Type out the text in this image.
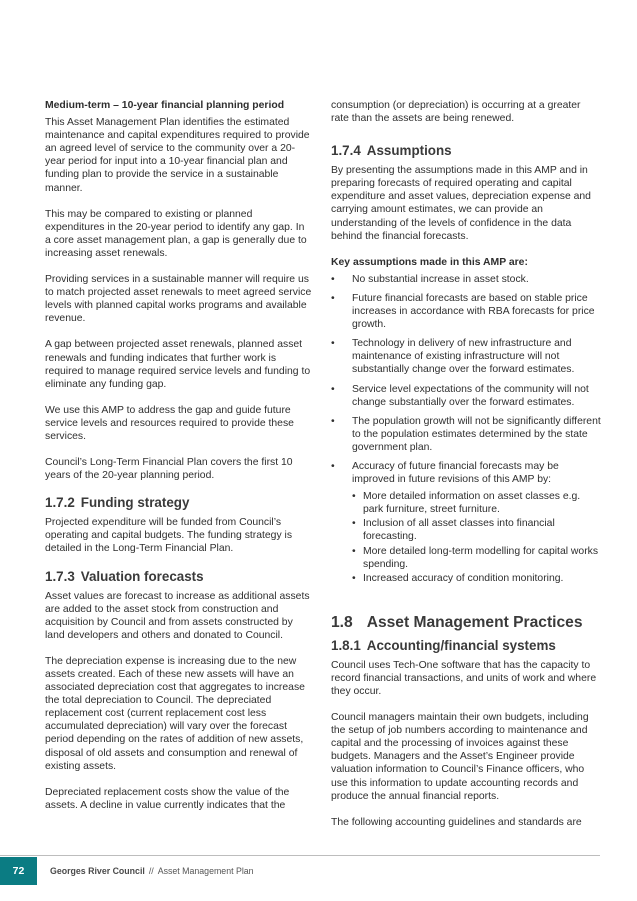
Medium-term – 10-year financial planning period

This Asset Management Plan identifies the estimated maintenance and capital expenditures required to provide an agreed level of service to the community over a 20-year period for input into a 10-year financial plan and funding plan to provide the service in a sustainable manner.

This may be compared to existing or planned expenditures in the 20-year period to identify any gap. In a core asset management plan, a gap is generally due to increasing asset renewals.

Providing services in a sustainable manner will require us to match projected asset renewals to meet agreed service levels with planned capital works programs and available revenue.

A gap between projected asset renewals, planned asset renewals and funding indicates that further work is required to manage required service levels and funding to eliminate any funding gap.

We use this AMP to address the gap and guide future service levels and resources required to provide these services.

Council’s Long-Term Financial Plan covers the first 10 years of the 20-year planning period.

1.7.2 Funding strategy

Projected expenditure will be funded from Council’s operating and capital budgets. The funding strategy is detailed in the Long-Term Financial Plan.

1.7.3 Valuation forecasts

Asset values are forecast to increase as additional assets are added to the asset stock from construction and acquisition by Council and from assets constructed by land developers and others and donated to Council.

The depreciation expense is increasing due to the new assets created. Each of these new assets will have an associated depreciation cost that aggregates to increase the total depreciation to Council. The depreciated replacement cost (current replacement cost less accumulated depreciation) will vary over the forecast period depending on the rates of addition of new assets, disposal of old assets and consumption and renewal of existing assets.

Depreciated replacement costs show the value of the assets. A decline in value currently indicates that the

consumption (or depreciation) is occurring at a greater rate than the assets are being renewed.

1.7.4 Assumptions

By presenting the assumptions made in this AMP and in preparing forecasts of required operating and capital expenditure and asset values, depreciation expense and carrying amount estimates, we can provide an understanding of the levels of confidence in the data behind the financial forecasts.

Key assumptions made in this AMP are:
• No substantial increase in asset stock.
• Future financial forecasts are based on stable price increases in accordance with RBA forecasts for price growth.
• Technology in delivery of new infrastructure and maintenance of existing infrastructure will not substantially change over the forward estimates.
• Service level expectations of the community will not change substantially over the forward estimates.
• The population growth will not be significantly different to the population estimates determined by the state government plan.
• Accuracy of future financial forecasts may be improved in future revisions of this AMP by:
• More detailed information on asset classes e.g. park furniture, street furniture.
• Inclusion of all asset classes into financial forecasting.
• More detailed long-term modelling for capital works spending.
• Increased accuracy of condition monitoring.
1.8 Asset Management Practices
1.8.1 Accounting/financial systems

Council uses Tech-One software that has the capacity to record financial transactions, and units of work and where they occur.

Council managers maintain their own budgets, including the setup of job numbers according to maintenance and capital and the processing of invoices against these budgets. Managers and the Asset’s Engineer provide valuation information to Council’s Finance officers, who use this information to update accounting records and produce the annual financial reports.

The following accounting guidelines and standards are

72	Georges River Council // Asset Management Plan
